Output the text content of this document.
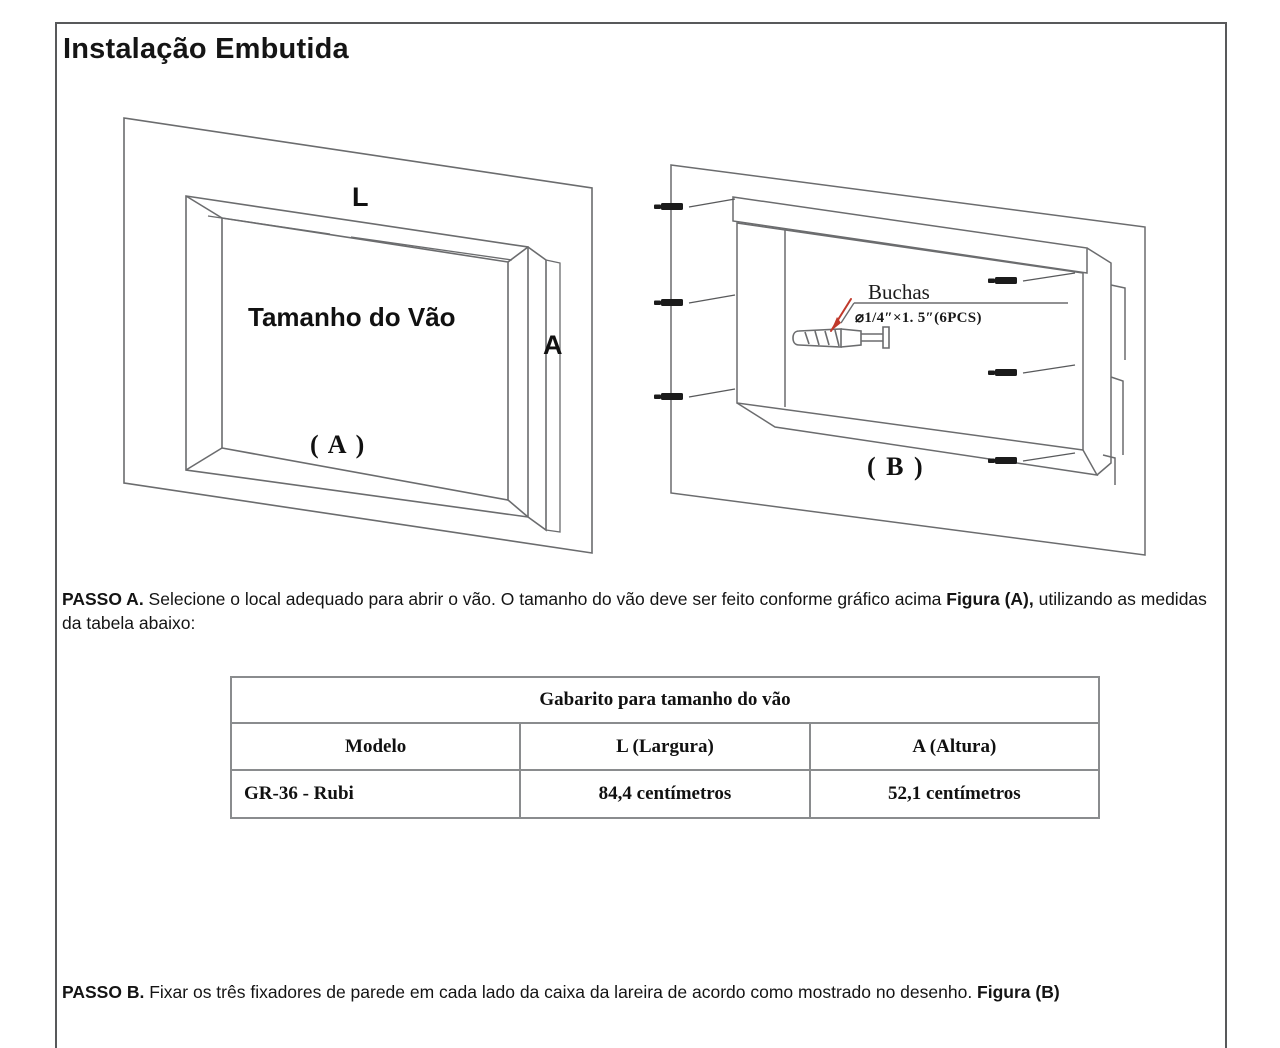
Instalação Embutida
L
A
Tamanho do Vão
( A )
Buchas
⌀1/4″×1. 5″(6PCS)
( B )
PASSO A. Selecione o local adequado para abrir o vão. O tamanho do vão deve ser feito conforme gráfico acima Figura (A), utilizando as medidas da tabela abaixo:
Gabarito para tamanho do vão		
Modelo	L (Largura)	A (Altura)
GR-36 - Rubi	84,4 centímetros	52,1 centímetros
PASSO B. Fixar os três fixadores de parede em cada lado da caixa da lareira de acordo como mostrado no desenho. Figura (B)
